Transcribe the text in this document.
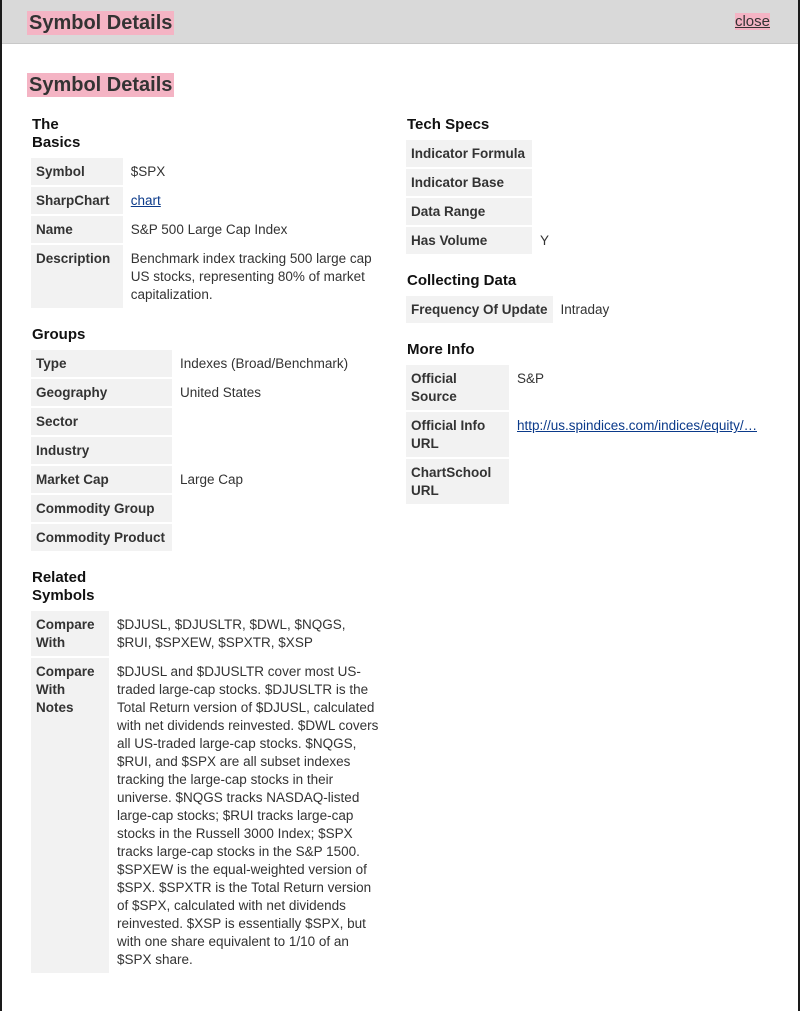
Symbol Details	close
Symbol Details
The
Basics
Symbol	$SPX
SharpChart	chart
Name	S&P 500 Large Cap Index
Description	Benchmark index tracking 500 large cap US stocks, representing 80% of market capitalization.
Groups
Type	Indexes (Broad/Benchmark)
Geography	United States
Sector	
Industry	
Market Cap	Large Cap
Commodity Group	
Commodity Product	
Related
Symbols
Compare With	$DJUSL, $DJUSLTR, $DWL, $NQGS, $RUI, $SPXEW, $SPXTR, $XSP
Compare With Notes	$DJUSL and $DJUSLTR cover most US-traded large-cap stocks. $DJUSLTR is the Total Return version of $DJUSL, calculated with net dividends reinvested. $DWL covers all US-traded large-cap stocks. $NQGS, $RUI, and $SPX are all subset indexes tracking the large-cap stocks in their universe. $NQGS tracks NASDAQ-listed large-cap stocks; $RUI tracks large-cap stocks in the Russell 3000 Index; $SPX tracks large-cap stocks in the S&P 1500. $SPXEW is the equal-weighted version of $SPX. $SPXTR is the Total Return version of $SPX, calculated with net dividends reinvested. $XSP is essentially $SPX, but with one share equivalent to 1/10 of an $SPX share.
Tech Specs
Indicator Formula	
Indicator Base	
Data Range	
Has Volume	Y
Collecting Data
Frequency Of Update	Intraday
More Info
Official Source	S&P
Official Info URL	http://us.spindices.com/indices/equity/…
ChartSchool URL	
